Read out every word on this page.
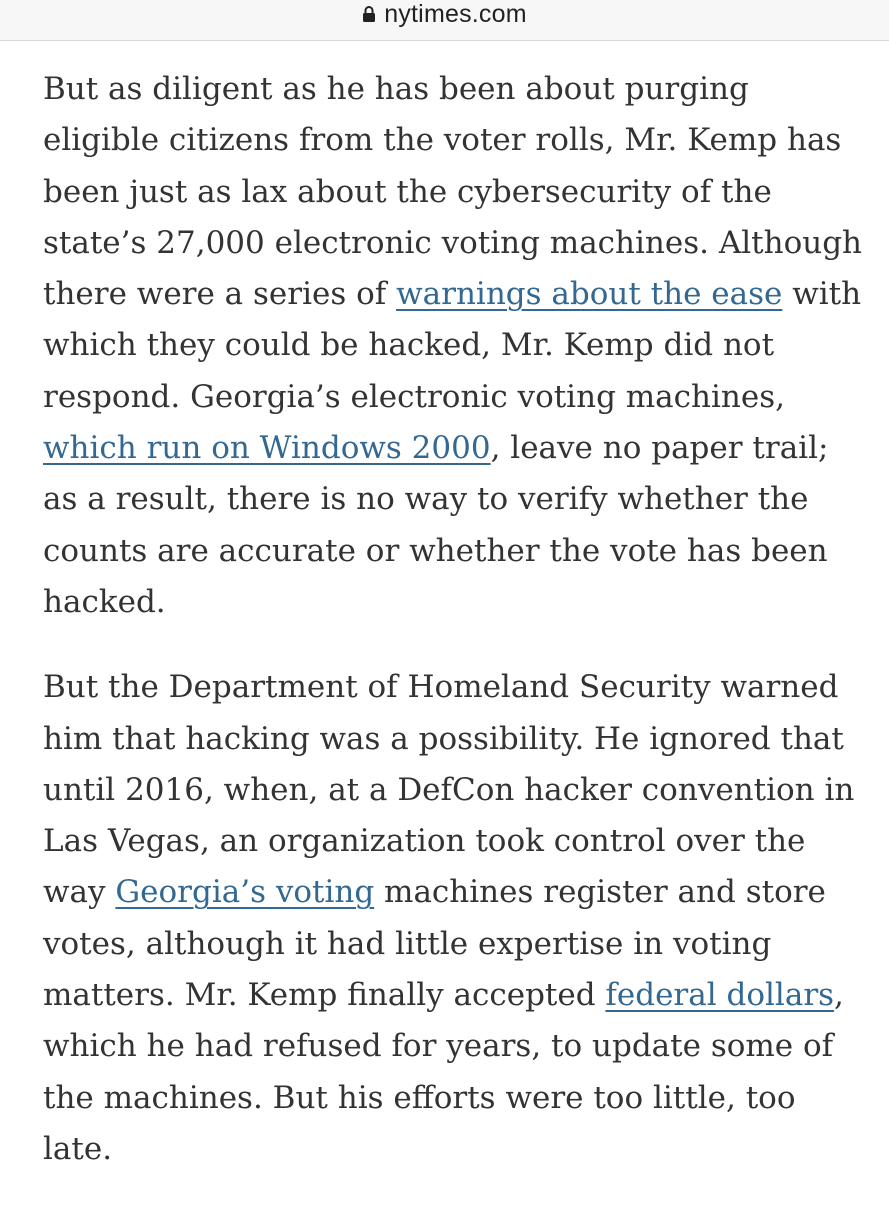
nytimes.com

But as diligent as he has been about purging eligible citizens from the voter rolls, Mr. Kemp has been just as lax about the cybersecurity of the state’s 27,000 electronic voting machines. Although there were a series of warnings about the ease with which they could be hacked, Mr. Kemp did not respond. Georgia’s electronic voting machines, which run on Windows 2000, leave no paper trail; as a result, there is no way to verify whether the counts are accurate or whether the vote has been hacked.

But the Department of Homeland Security warned him that hacking was a possibility. He ignored that until 2016, when, at a DefCon hacker convention in Las Vegas, an organization took control over the way Georgia’s voting machines register and store votes, although it had little expertise in voting matters. Mr. Kemp finally accepted federal dollars, which he had refused for years, to update some of the machines. But his efforts were too little, too late.
